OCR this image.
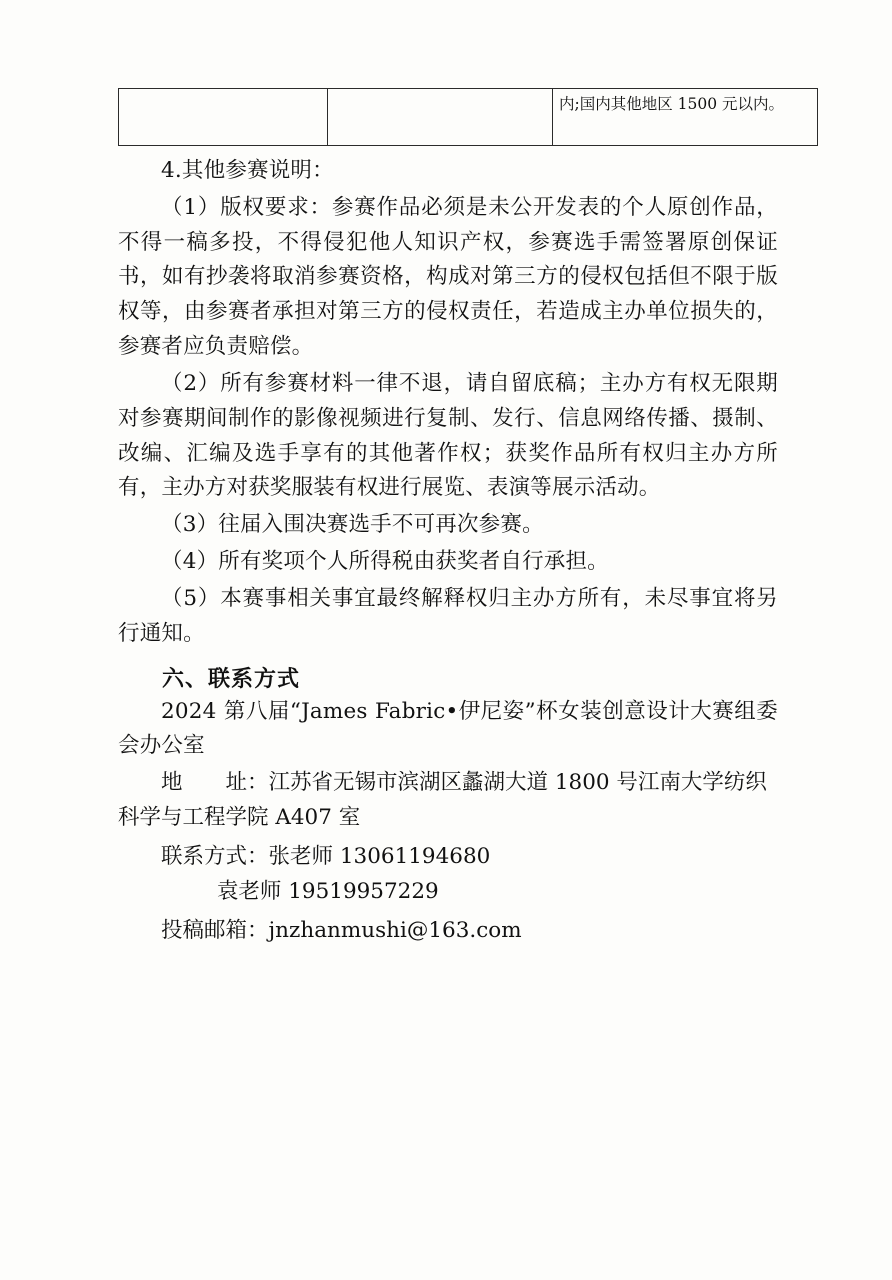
		内;国内其他地区 1500 元以内。

4.其他参赛说明：

（1）版权要求：参赛作品必须是未公开发表的个人原创作品，不得一稿多投，不得侵犯他人知识产权，参赛选手需签署原创保证书，如有抄袭将取消参赛资格，构成对第三方的侵权包括但不限于版权等，由参赛者承担对第三方的侵权责任，若造成主办单位损失的，参赛者应负责赔偿。

（2）所有参赛材料一律不退，请自留底稿；主办方有权无限期对参赛期间制作的影像视频进行复制、发行、信息网络传播、摄制、改编、汇编及选手享有的其他著作权；获奖作品所有权归主办方所有，主办方对获奖服装有权进行展览、表演等展示活动。

（3）往届入围决赛选手不可再次参赛。

（4）所有奖项个人所得税由获奖者自行承担。

（5）本赛事相关事宜最终解释权归主办方所有，未尽事宜将另行通知。

六、联系方式

2024 第八届“James Fabric•伊尼姿”杯女装创意设计大赛组委会办公室

地　　址：江苏省无锡市滨湖区蠡湖大道 1800 号江南大学纺织科学与工程学院 A407 室

联系方式：张老师 13061194680

袁老师 19519957229

投稿邮箱：jnzhanmushi@163.com
